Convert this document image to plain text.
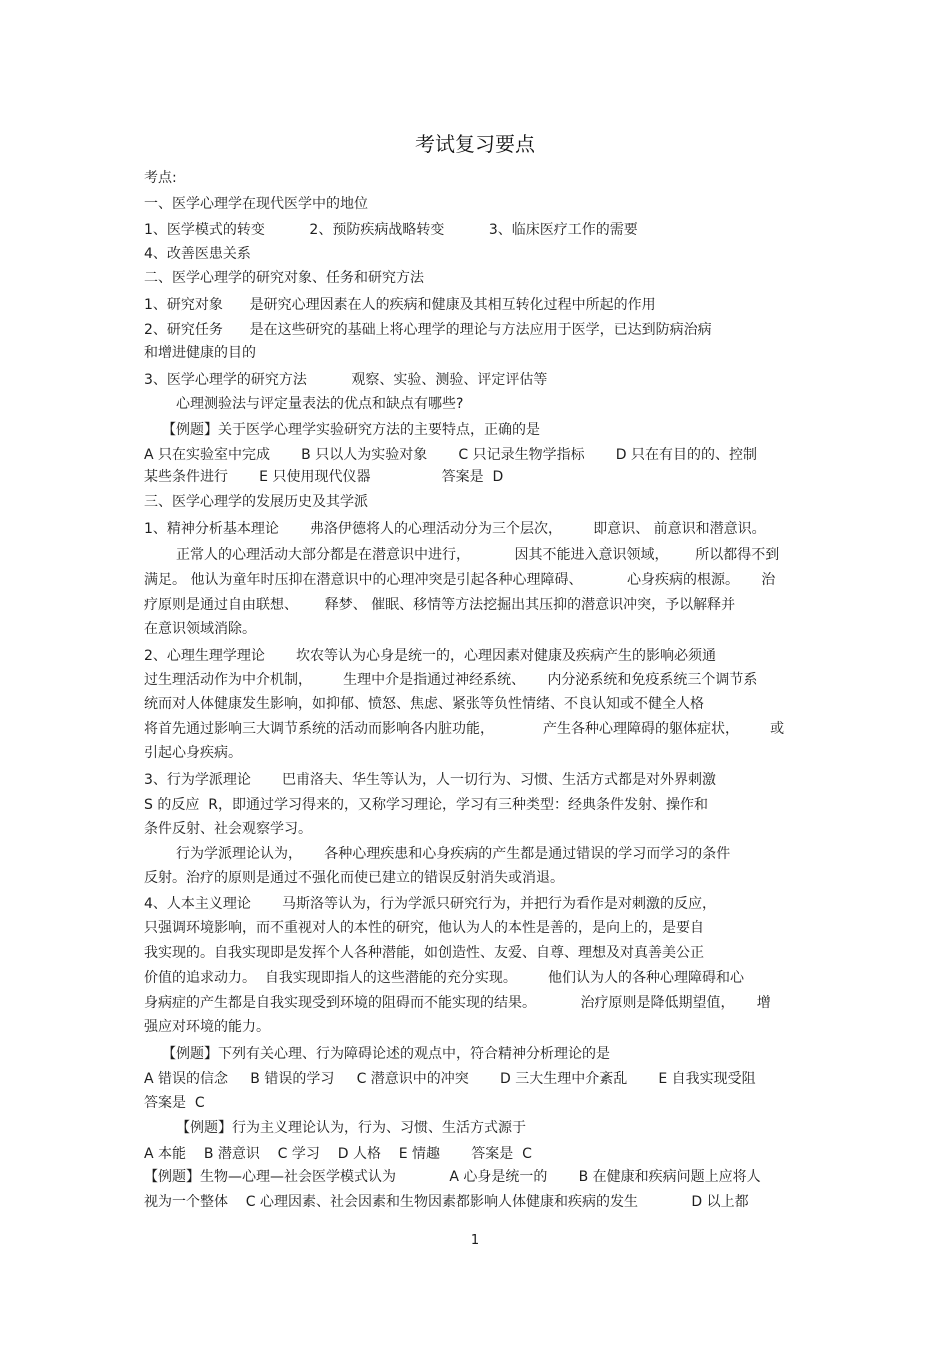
考试复习要点
考点:
一、医学心理学在现代医学中的地位
1、医学模式的转变          2、预防疾病战略转变          3、临床医疗工作的需要
4、改善医患关系
二、医学心理学的研究对象、任务和研究方法
1、研究对象      是研究心理因素在人的疾病和健康及其相互转化过程中所起的作用
2、研究任务      是在这些研究的基础上将心理学的理论与方法应用于医学，已达到防病治病
和增进健康的目的
3、医学心理学的研究方法          观察、实验、测验、评定评估等
心理测验法与评定量表法的优点和缺点有哪些?
【例题】关于医学心理学实验研究方法的主要特点，正确的是
A 只在实验室中完成       B 只以人为实验对象       C 只记录生物学指标       D 只在有目的的、控制
某些条件进行       E 只使用现代仪器                答案是  D
三、医学心理学的发展历史及其学派
1、精神分析基本理论       弗洛伊德将人的心理活动分为三个层次，       即意识、 前意识和潜意识。
正常人的心理活动大部分都是在潜意识中进行，          因其不能进入意识领域，      所以都得不到
满足。 他认为童年时压抑在潜意识中的心理冲突是引起各种心理障碍、          心身疾病的根源。     治
疗原则是通过自由联想、      释梦、 催眠、移情等方法挖掘出其压抑的潜意识冲突，予以解释并
在意识领域消除。
2、心理生理学理论       坎农等认为心身是统一的，心理因素对健康及疾病产生的影响必须通
过生理活动作为中介机制，       生理中介是指通过神经系统、     内分泌系统和免疫系统三个调节系
统而对人体健康发生影响，如抑郁、愤怒、焦虑、紧张等负性情绪、不良认知或不健全人格
将首先通过影响三大调节系统的活动而影响各内脏功能，           产生各种心理障碍的躯体症状，       或
引起心身疾病。
3、行为学派理论       巴甫洛夫、华生等认为，人一切行为、习惯、生活方式都是对外界刺激
S 的反应  R，即通过学习得来的，又称学习理论，学习有三种类型：经典条件发射、操作和
条件反射、社会观察学习。
行为学派理论认为，     各种心理疾患和心身疾病的产生都是通过错误的学习而学习的条件
反射。治疗的原则是通过不强化而使已建立的错误反射消失或消退。
4、人本主义理论       马斯洛等认为，行为学派只研究行为，并把行为看作是对刺激的反应，
只强调环境影响，而不重视对人的本性的研究，他认为人的本性是善的，是向上的，是要自
我实现的。自我实现即是发挥个人各种潜能，如创造性、友爱、自尊、理想及对真善美公正
价值的追求动力。  自我实现即指人的这些潜能的充分实现。       他们认为人的各种心理障碍和心
身病症的产生都是自我实现受到环境的阻碍而不能实现的结果。          治疗原则是降低期望值，     增
强应对环境的能力。
【例题】下列有关心理、行为障碍论述的观点中，符合精神分析理论的是
A 错误的信念     B 错误的学习     C 潜意识中的冲突       D 三大生理中介紊乱       E 自我实现受阻
答案是  C
【例题】行为主义理论认为，行为、习惯、生活方式源于
A 本能    B 潜意识    C 学习    D 人格    E 情趣       答案是  C
【例题】生物—心理—社会医学模式认为            A 心身是统一的       B 在健康和疾病问题上应将人
视为一个整体    C 心理因素、社会因素和生物因素都影响人体健康和疾病的发生            D 以上都
1
